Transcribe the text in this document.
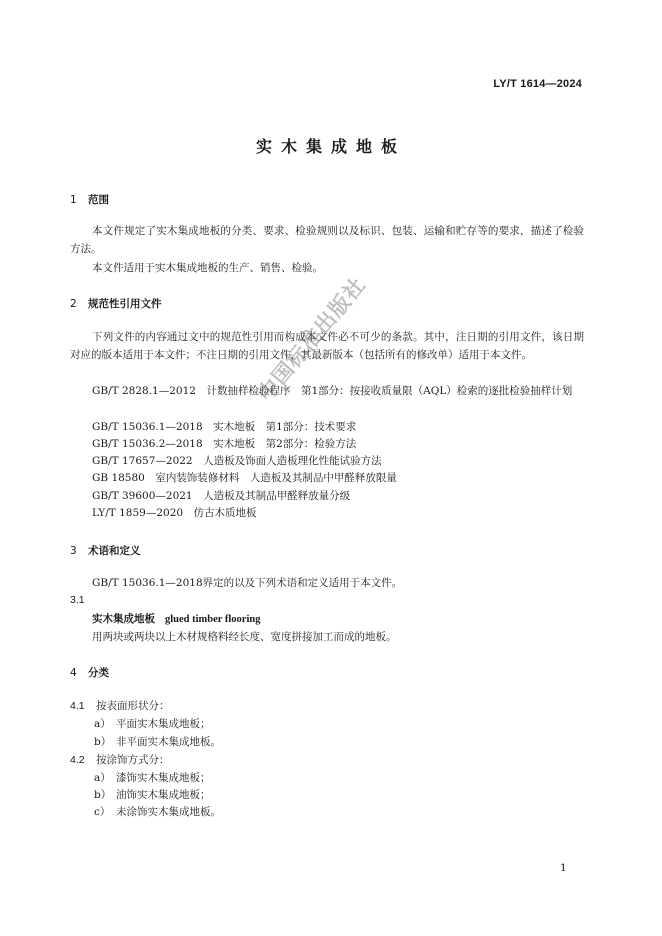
LY/T 1614—2024
实木集成地板
1 范围
本文件规定了实木集成地板的分类、要求、检验规则以及标识、包装、运输和贮存等的要求，描述了检验方法。
本文件适用于实木集成地板的生产、销售、检验。
2 规范性引用文件
下列文件的内容通过文中的规范性引用而构成本文件必不可少的条款。其中，注日期的引用文件，该日期对应的版本适用于本文件；不注日期的引用文件，其最新版本（包括所有的修改单）适用于本文件。
GB/T 2828.1—2012　计数抽样检验程序　第1部分：按接收质量限（AQL）检索的逐批检验抽样计划
GB/T 15036.1—2018　实木地板　第1部分：技术要求
GB/T 15036.2—2018　实木地板　第2部分：检验方法
GB/T 17657—2022　人造板及饰面人造板理化性能试验方法
GB 18580　室内装饰装修材料　人造板及其制品中甲醛释放限量
GB/T 39600—2021　人造板及其制品甲醛释放量分级
LY/T 1859—2020　仿古木质地板
3 术语和定义
GB/T 15036.1—2018界定的以及下列术语和定义适用于本文件。
3.1
实木集成地板 glued timber flooring
用两块或两块以上木材规格料经长度、宽度拼接加工而成的地板。
4 分类
4.1 按表面形状分：
a） 平面实木集成地板；
b） 非平面实木集成地板。
4.2 按涂饰方式分：
a） 漆饰实木集成地板；
b） 油饰实木集成地板；
c） 未涂饰实木集成地板。
中国标准出版社
1
